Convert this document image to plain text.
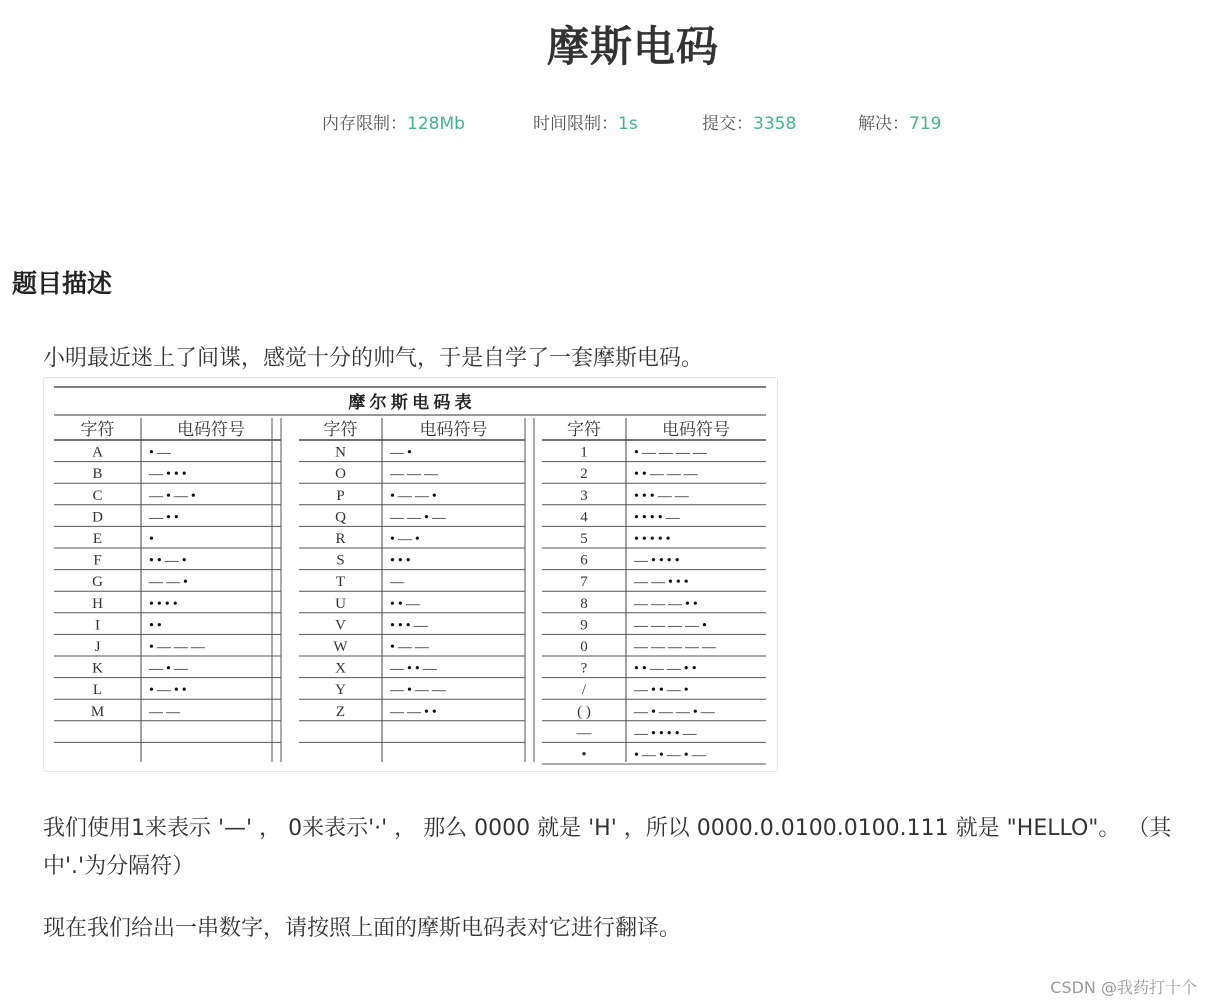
摩斯电码
内存限制：128Mb	时间限制：1s	提交：3358	解决：719
题目描述
小明最近迷上了间谍，感觉十分的帅气，于是自学了一套摩斯电码。
摩 尔 斯 电 码 表
字符	电码符号
A	•—
B	—•••
C	—•—•
D	—••
E	•
F	••—•
G	——•
H	••••
I	••
J	•———
K	—•—
L	•—••
M	——
字符	电码符号
N	—•
O	———
P	•——•
Q	——•—
R	•—•
S	•••
T	—
U	••—
V	•••—
W	•——
X	—••—
Y	—•——
Z	——••
字符	电码符号
1	•————
2	••———
3	•••——
4	••••—
5	•••••
6	—••••
7	——•••
8	———••
9	————•
0	—————
?	••——••
/	—••—•
( )	—•——•—
—	—••••—
•	•—•—•—
我们使用1来表示 '—' ， 0来表示'·' ， 那么 0000 就是 'H' ，所以 0000.0.0100.0100.111 就是 "HELLO"。 （其中'.'为分隔符）
现在我们给出一串数字，请按照上面的摩斯电码表对它进行翻译。
CSDN @我药打十个
